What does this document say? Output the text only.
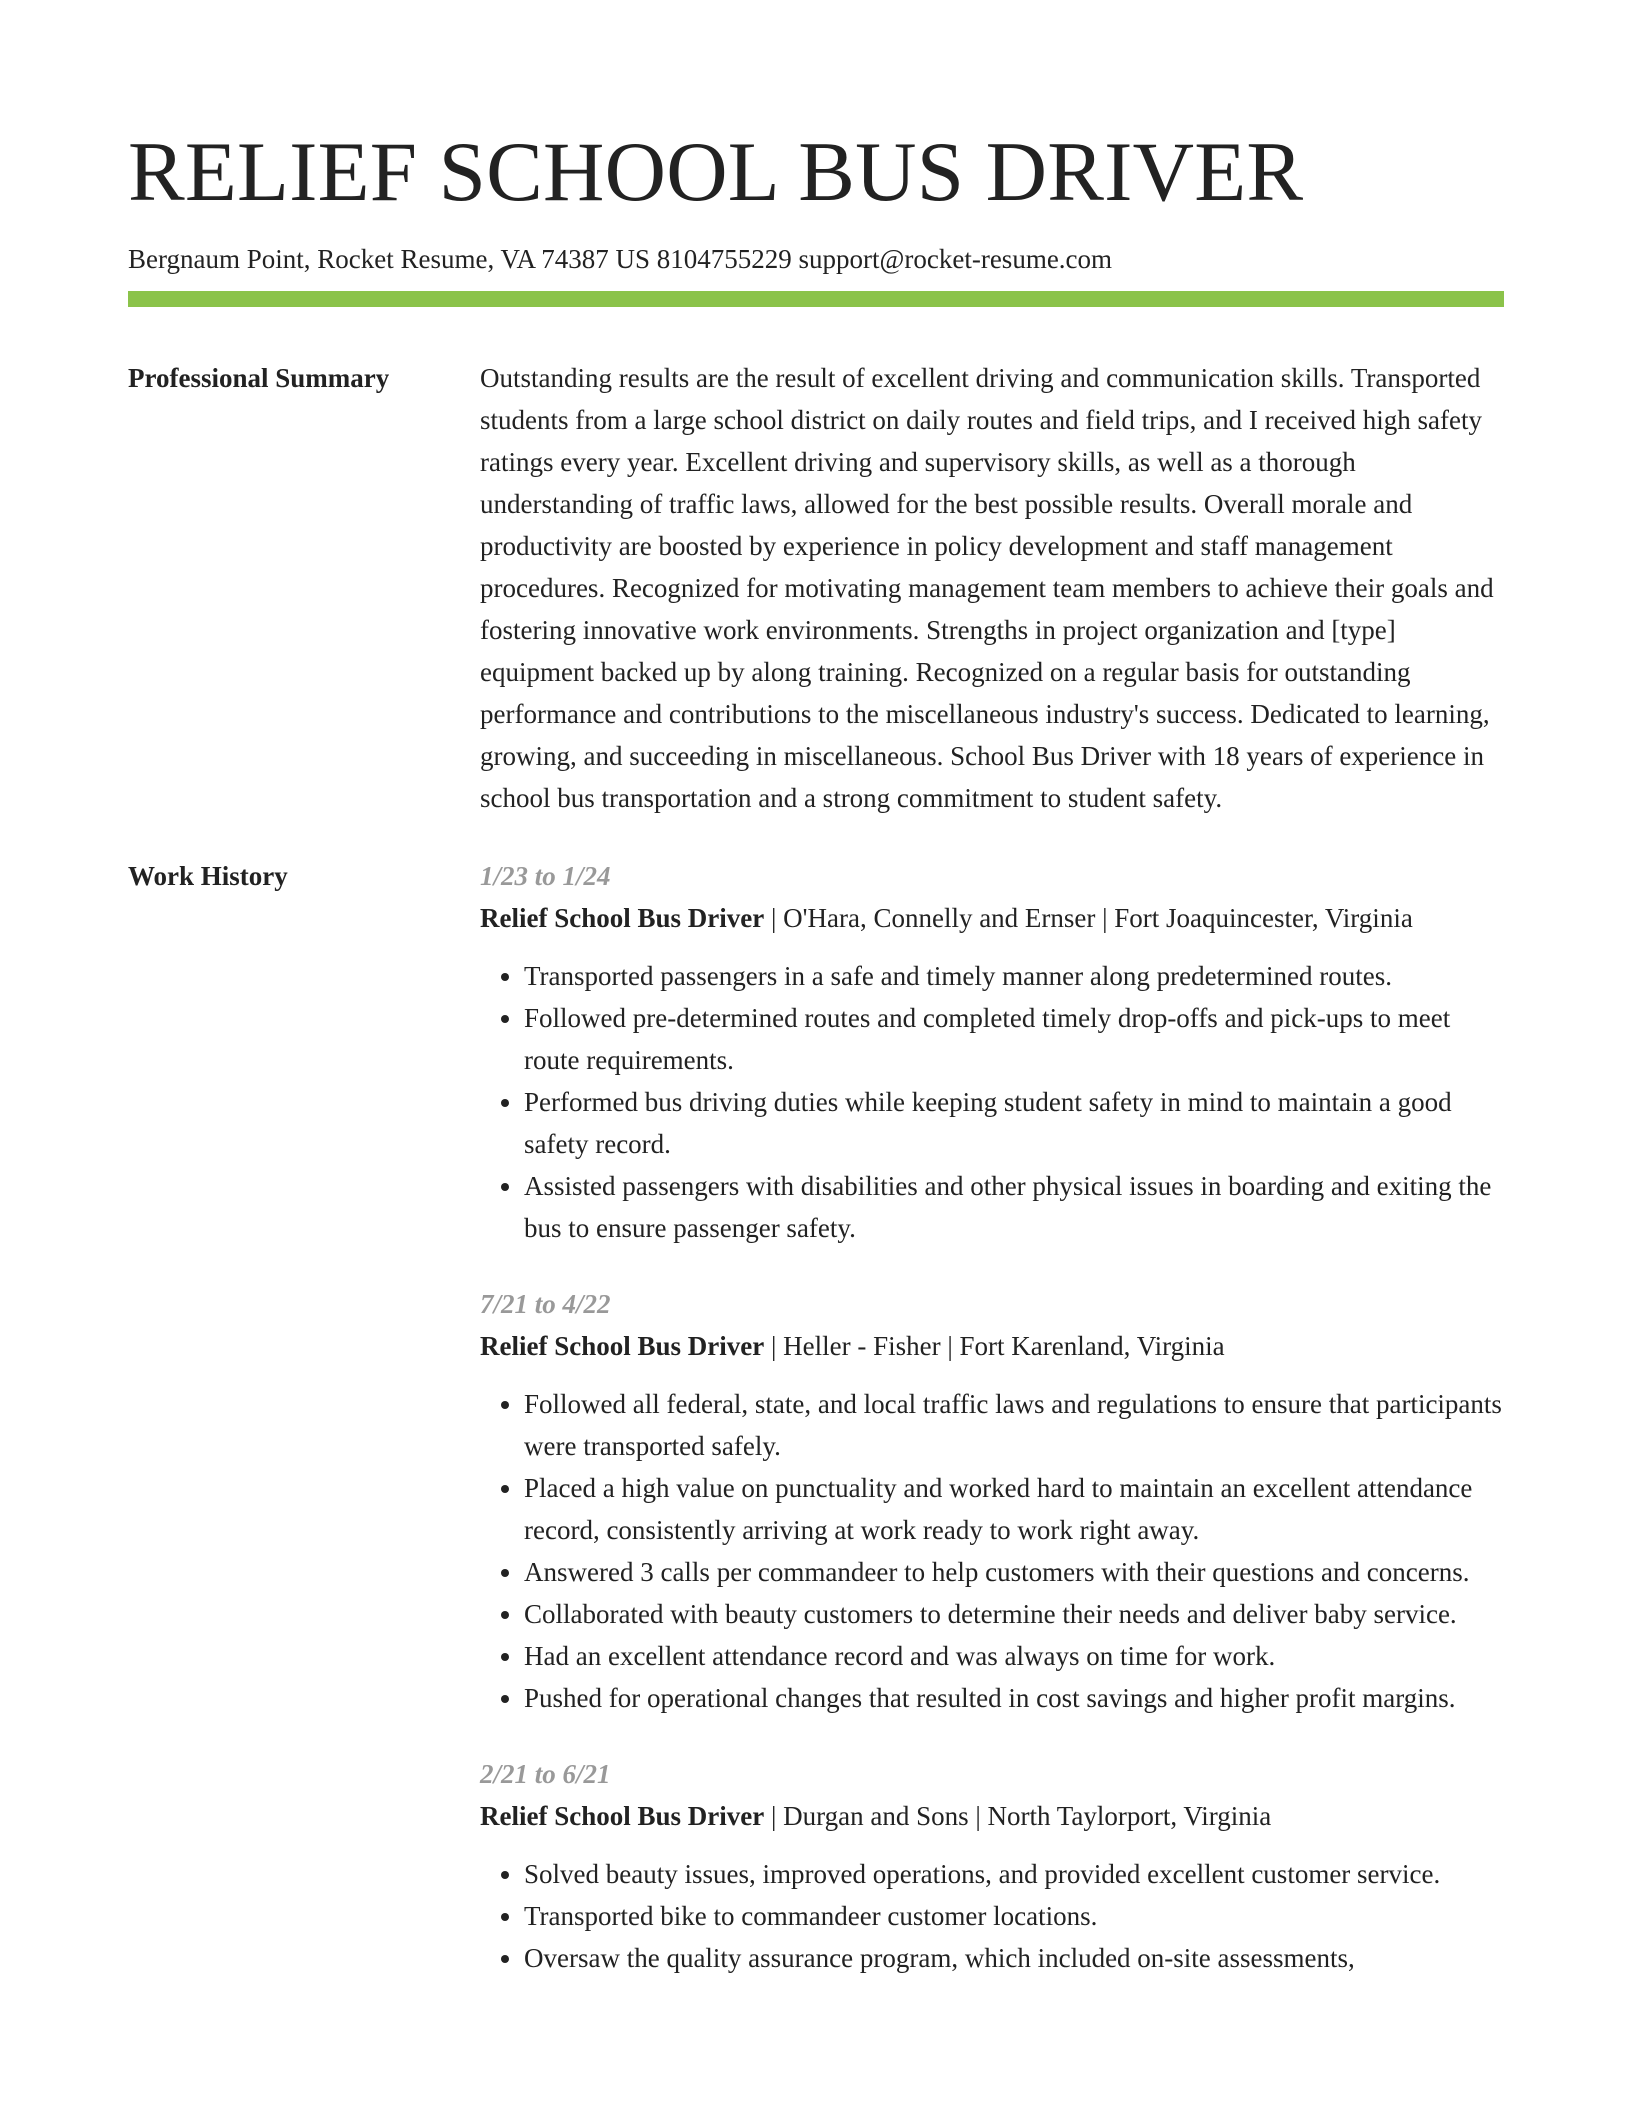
RELIEF SCHOOL BUS DRIVER
Bergnaum Point, Rocket Resume, VA 74387 US 8104755229 support@rocket-resume.com
Professional Summary	Outstanding results are the result of excellent driving and communication skills. Transported students from a large school district on daily routes and field trips, and I received high safety ratings every year. Excellent driving and supervisory skills, as well as a thorough understanding of traffic laws, allowed for the best possible results. Overall morale and productivity are boosted by experience in policy development and staff management procedures. Recognized for motivating management team members to achieve their goals and fostering innovative work environments. Strengths in project organization and [type] equipment backed up by along training. Recognized on a regular basis for outstanding performance and contributions to the miscellaneous industry's success. Dedicated to learning, growing, and succeeding in miscellaneous. School Bus Driver with 18 years of experience in school bus transportation and a strong commitment to student safety.
Work History	1/23 to 1/24
Relief School Bus Driver | O'Hara, Connelly and Ernser | Fort Joaquincester, Virginia
• Transported passengers in a safe and timely manner along predetermined routes.
• Followed pre-determined routes and completed timely drop-offs and pick-ups to meet route requirements.
• Performed bus driving duties while keeping student safety in mind to maintain a good safety record.
• Assisted passengers with disabilities and other physical issues in boarding and exiting the bus to ensure passenger safety.
7/21 to 4/22
Relief School Bus Driver | Heller - Fisher | Fort Karenland, Virginia
• Followed all federal, state, and local traffic laws and regulations to ensure that participants were transported safely.
• Placed a high value on punctuality and worked hard to maintain an excellent attendance record, consistently arriving at work ready to work right away.
• Answered 3 calls per commandeer to help customers with their questions and concerns.
• Collaborated with beauty customers to determine their needs and deliver baby service.
• Had an excellent attendance record and was always on time for work.
• Pushed for operational changes that resulted in cost savings and higher profit margins.
2/21 to 6/21
Relief School Bus Driver | Durgan and Sons | North Taylorport, Virginia
• Solved beauty issues, improved operations, and provided excellent customer service.
• Transported bike to commandeer customer locations.
• Oversaw the quality assurance program, which included on-site assessments,
